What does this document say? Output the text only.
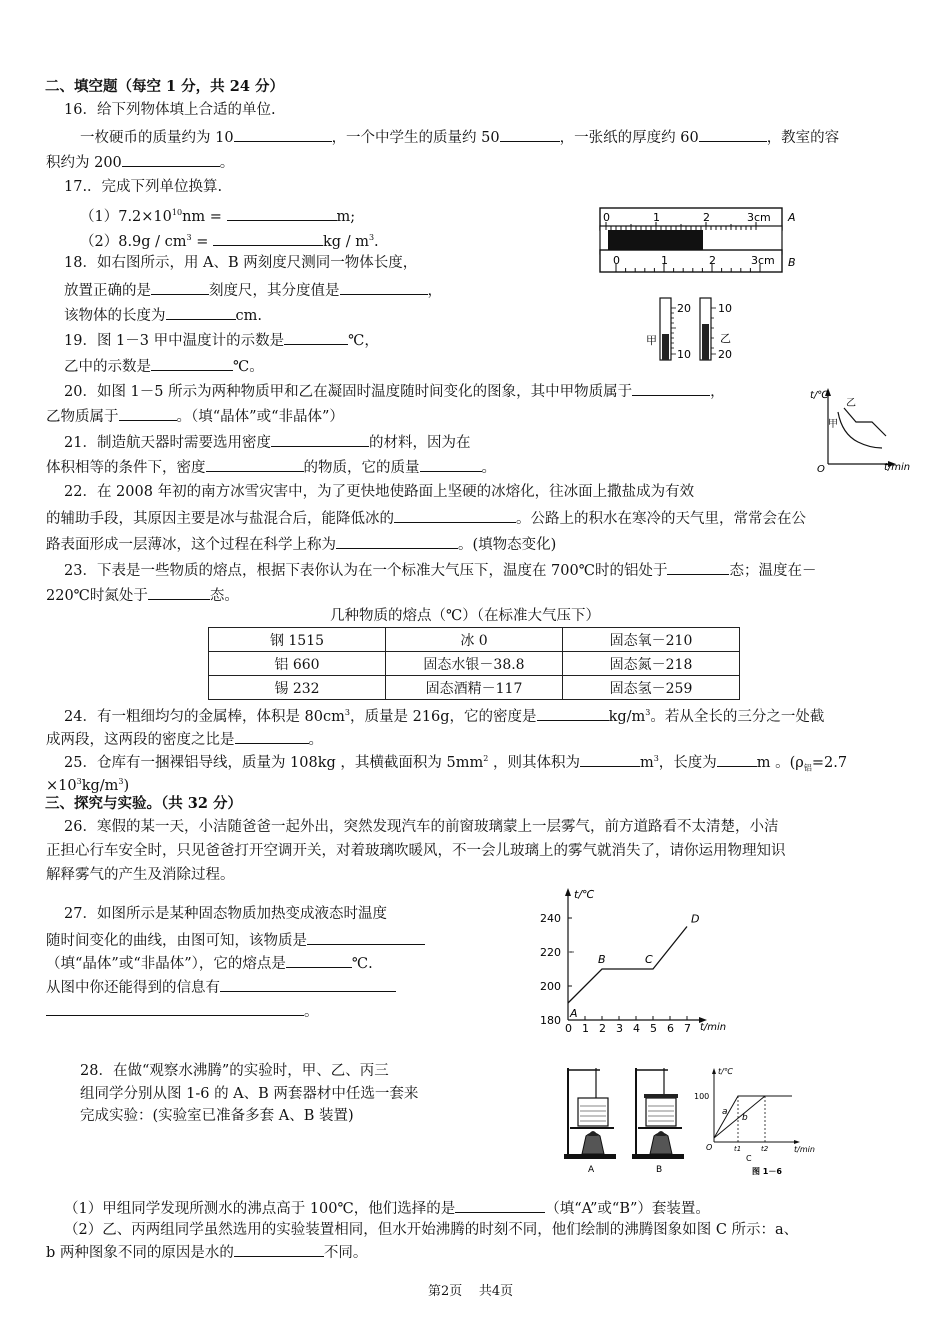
二、填空题（每空 1 分，共 24 分）
16．给下列物体填上合适的单位.
一枚硬币的质量约为 10	，一个中学生的质量约 50	，一张纸的厚度约 60	，教室的容
积约为 200	。
17.．完成下列单位换算.
$(1)7.2\times 10^{10}nm$ =	m;
$(2)8.9g / cm^3$ =	kg / $m^3$.
18．如右图所示，用 A、B 两刻度尺测同一物体长度，
放置正确的是	刻度尺，其分度值是	，
该物体的长度为	cm.
19．图 1－3 甲中温度计的示数是	℃，
乙中的示数是	℃。
20．如图 1－5 所示为两种物质甲和乙在凝固时温度随时间变化的图象，其中甲物质属于	，
乙物质属于	。（填“晶体”或“非晶体”）
21．制造航天器时需要选用密度	的材料，因为在
体积相等的条件下，密度	的物质，它的质量	。
22．在 2008 年初的南方冰雪灾害中，为了更快地使路面上坚硬的冰熔化，往冰面上撒盐成为有效
的辅助手段，其原因主要是冰与盐混合后，能降低冰的	。公路上的积水在寒冷的天气里，常常会在公
路表面形成一层薄冰，这个过程在科学上称为	。(填物态变化)
23．下表是一些物质的熔点，根据下表你认为在一个标准大气压下，温度在 700℃时的铝处于	态；温度在－
220℃时氮处于	态。
几种物质的熔点（℃）（在标准大气压下）
钢 1515	冰 0	固态氧－210
铝 660	固态水银－38.8	固态氮－218
锡 232	固态酒精－117	固态氢－259
24．有一粗细均匀的金属棒，体积是 $80cm^3$，质量是 216g，它的密度是	$kg/m^3$。若从全长的三分之一处截
成两段，这两段的密度之比是	。
25．仓库有一捆裸铝导线，质量为 108kg ，其横截面积为 $5mm^2$ ，则其体积为	$m^3$，长度为	m 。($\rho_铝=2.7$
$\times 10^3kg/m^3$)
三、探究与实验。（共 32 分）
26．寒假的某一天，小洁随爸爸一起外出，突然发现汽车的前窗玻璃蒙上一层雾气，前方道路看不太清楚，小洁
正担心行车安全时，只见爸爸打开空调开关，对着玻璃吹暖风，不一会儿玻璃上的雾气就消失了，请你运用物理知识
解释雾气的产生及消除过程。
27．如图所示是某种固态物质加热变成液态时温度
随时间变化的曲线，由图可知，该物质是
（填“晶体”或“非晶体”），它的熔点是	℃.
从图中你还能得到的信息有
。
28．在做“观察水沸腾”的实验时，甲、乙、丙三
组同学分别从图 1-6 的 A、B 两套器材中任选一套来
完成实验：(实验室已准备多套 A、B 装置)
（1）甲组同学发现所测水的沸点高于 100℃，他们选择的是	（填“A”或“B”）套装置。
（2）乙、丙两组同学虽然选用的实验装置相同，但水开始沸腾的时刻不同，他们绘制的沸腾图象如图 C 所示：a、
b 两种图象不同的原因是水的	不同。
第2页 共4页
0	1	2	3cm A
0	1	2	3cm B
20
10
甲
10
20
乙
t/℃
t/min
O
乙
甲
t/℃
t/min
0 1 2 3 4 5 6 7
180
200
220
240
A
B	C
D
A	B
t/℃
t/min
100
O
a
b
t1	t2
C
图 1－6
